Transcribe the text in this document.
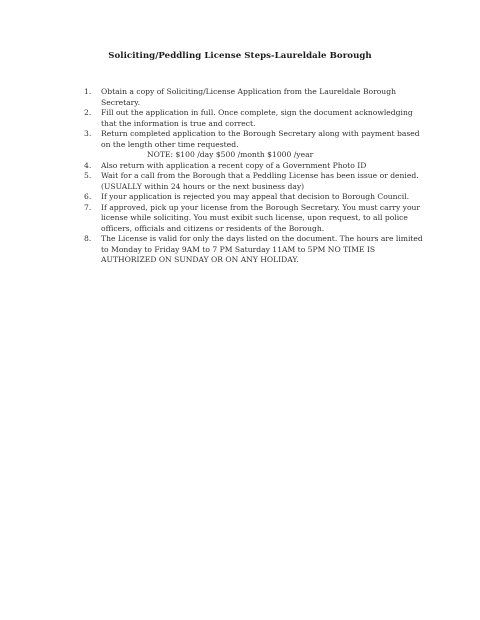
Soliciting/Peddling License Steps-Laureldale Borough
1. Obtain a copy of Soliciting/License Application from the Laureldale Borough Secretary.
2. Fill out the application in full. Once complete, sign the document acknowledging that the information is true and correct.
3. Return completed application to the Borough Secretary along with payment based on the length other time requested.
NOTE: $100 /day $500 /month $1000 /year
4. Also return with application a recent copy of a Government Photo ID
5. Wait for a call from the Borough that a Peddling License has been issue or denied. (USUALLY within 24 hours or the next business day)
6. If your application is rejected you may appeal that decision to Borough Council.
7. If approved, pick up your license from the Borough Secretary. You must carry your license while soliciting. You must exibit such license, upon request, to all police officers, officials and citizens or residents of the Borough.
8. The License is valid for only the days listed on the document. The hours are limited to Monday to Friday 9AM to 7 PM Saturday 11AM to 5PM NO TIME IS AUTHORIZED ON SUNDAY OR ON ANY HOLIDAY.
